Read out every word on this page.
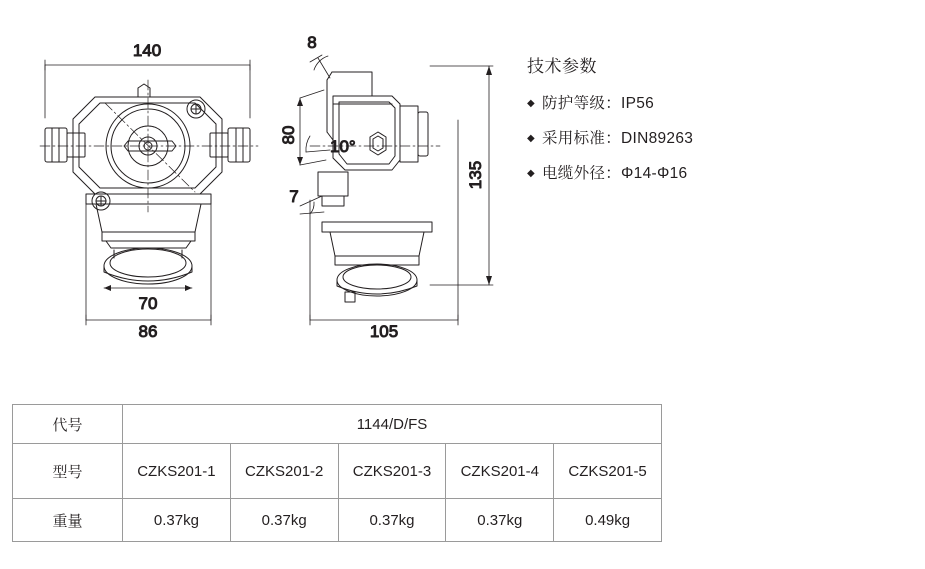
140
70
86
8
80
10°
7
135
105
技术参数
◆ 防护等级：IP56
◆ 采用标准：DIN89263
◆ 电缆外径：Φ14-Φ16
代号	1144/D/FS				
型号	CZKS201-1	CZKS201-2	CZKS201-3	CZKS201-4	CZKS201-5
重量	0.37kg	0.37kg	0.37kg	0.37kg	0.49kg
